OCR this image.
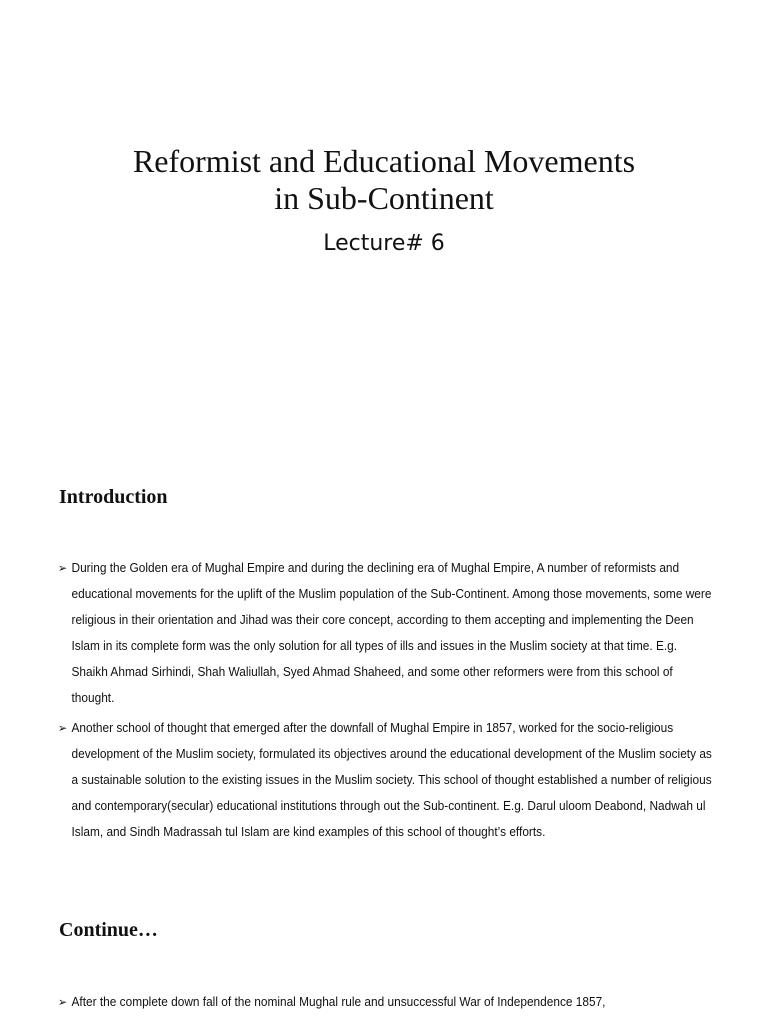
Reformist and Educational Movements
in Sub-Continent

Lecture# 6

Introduction
➢ During the Golden era of Mughal Empire and during the declining era of Mughal Empire, A number of reformists and educational movements for the uplift of the Muslim population of the Sub-Continent. Among those movements, some were religious in their orientation and Jihad was their core concept, according to them accepting and implementing the Deen Islam in its complete form was the only solution for all types of ills and issues in the Muslim society at that time. E.g. Shaikh Ahmad Sirhindi, Shah Waliullah, Syed Ahmad Shaheed, and some other reformers were from this school of thought.
➢ Another school of thought that emerged after the downfall of Mughal Empire in 1857, worked for the socio-religious development of the Muslim society, formulated its objectives around the educational development of the Muslim society as a sustainable solution to the existing issues in the Muslim society. This school of thought established a number of religious and contemporary(secular) educational institutions through out the Sub-continent. E.g. Darul uloom Deabond, Nadwah ul Islam, and Sindh Madrassah tul Islam are kind examples of this school of thought’s efforts.
Continue…
➢ After the complete down fall of the nominal Mughal rule and unsuccessful War of Independence 1857,
